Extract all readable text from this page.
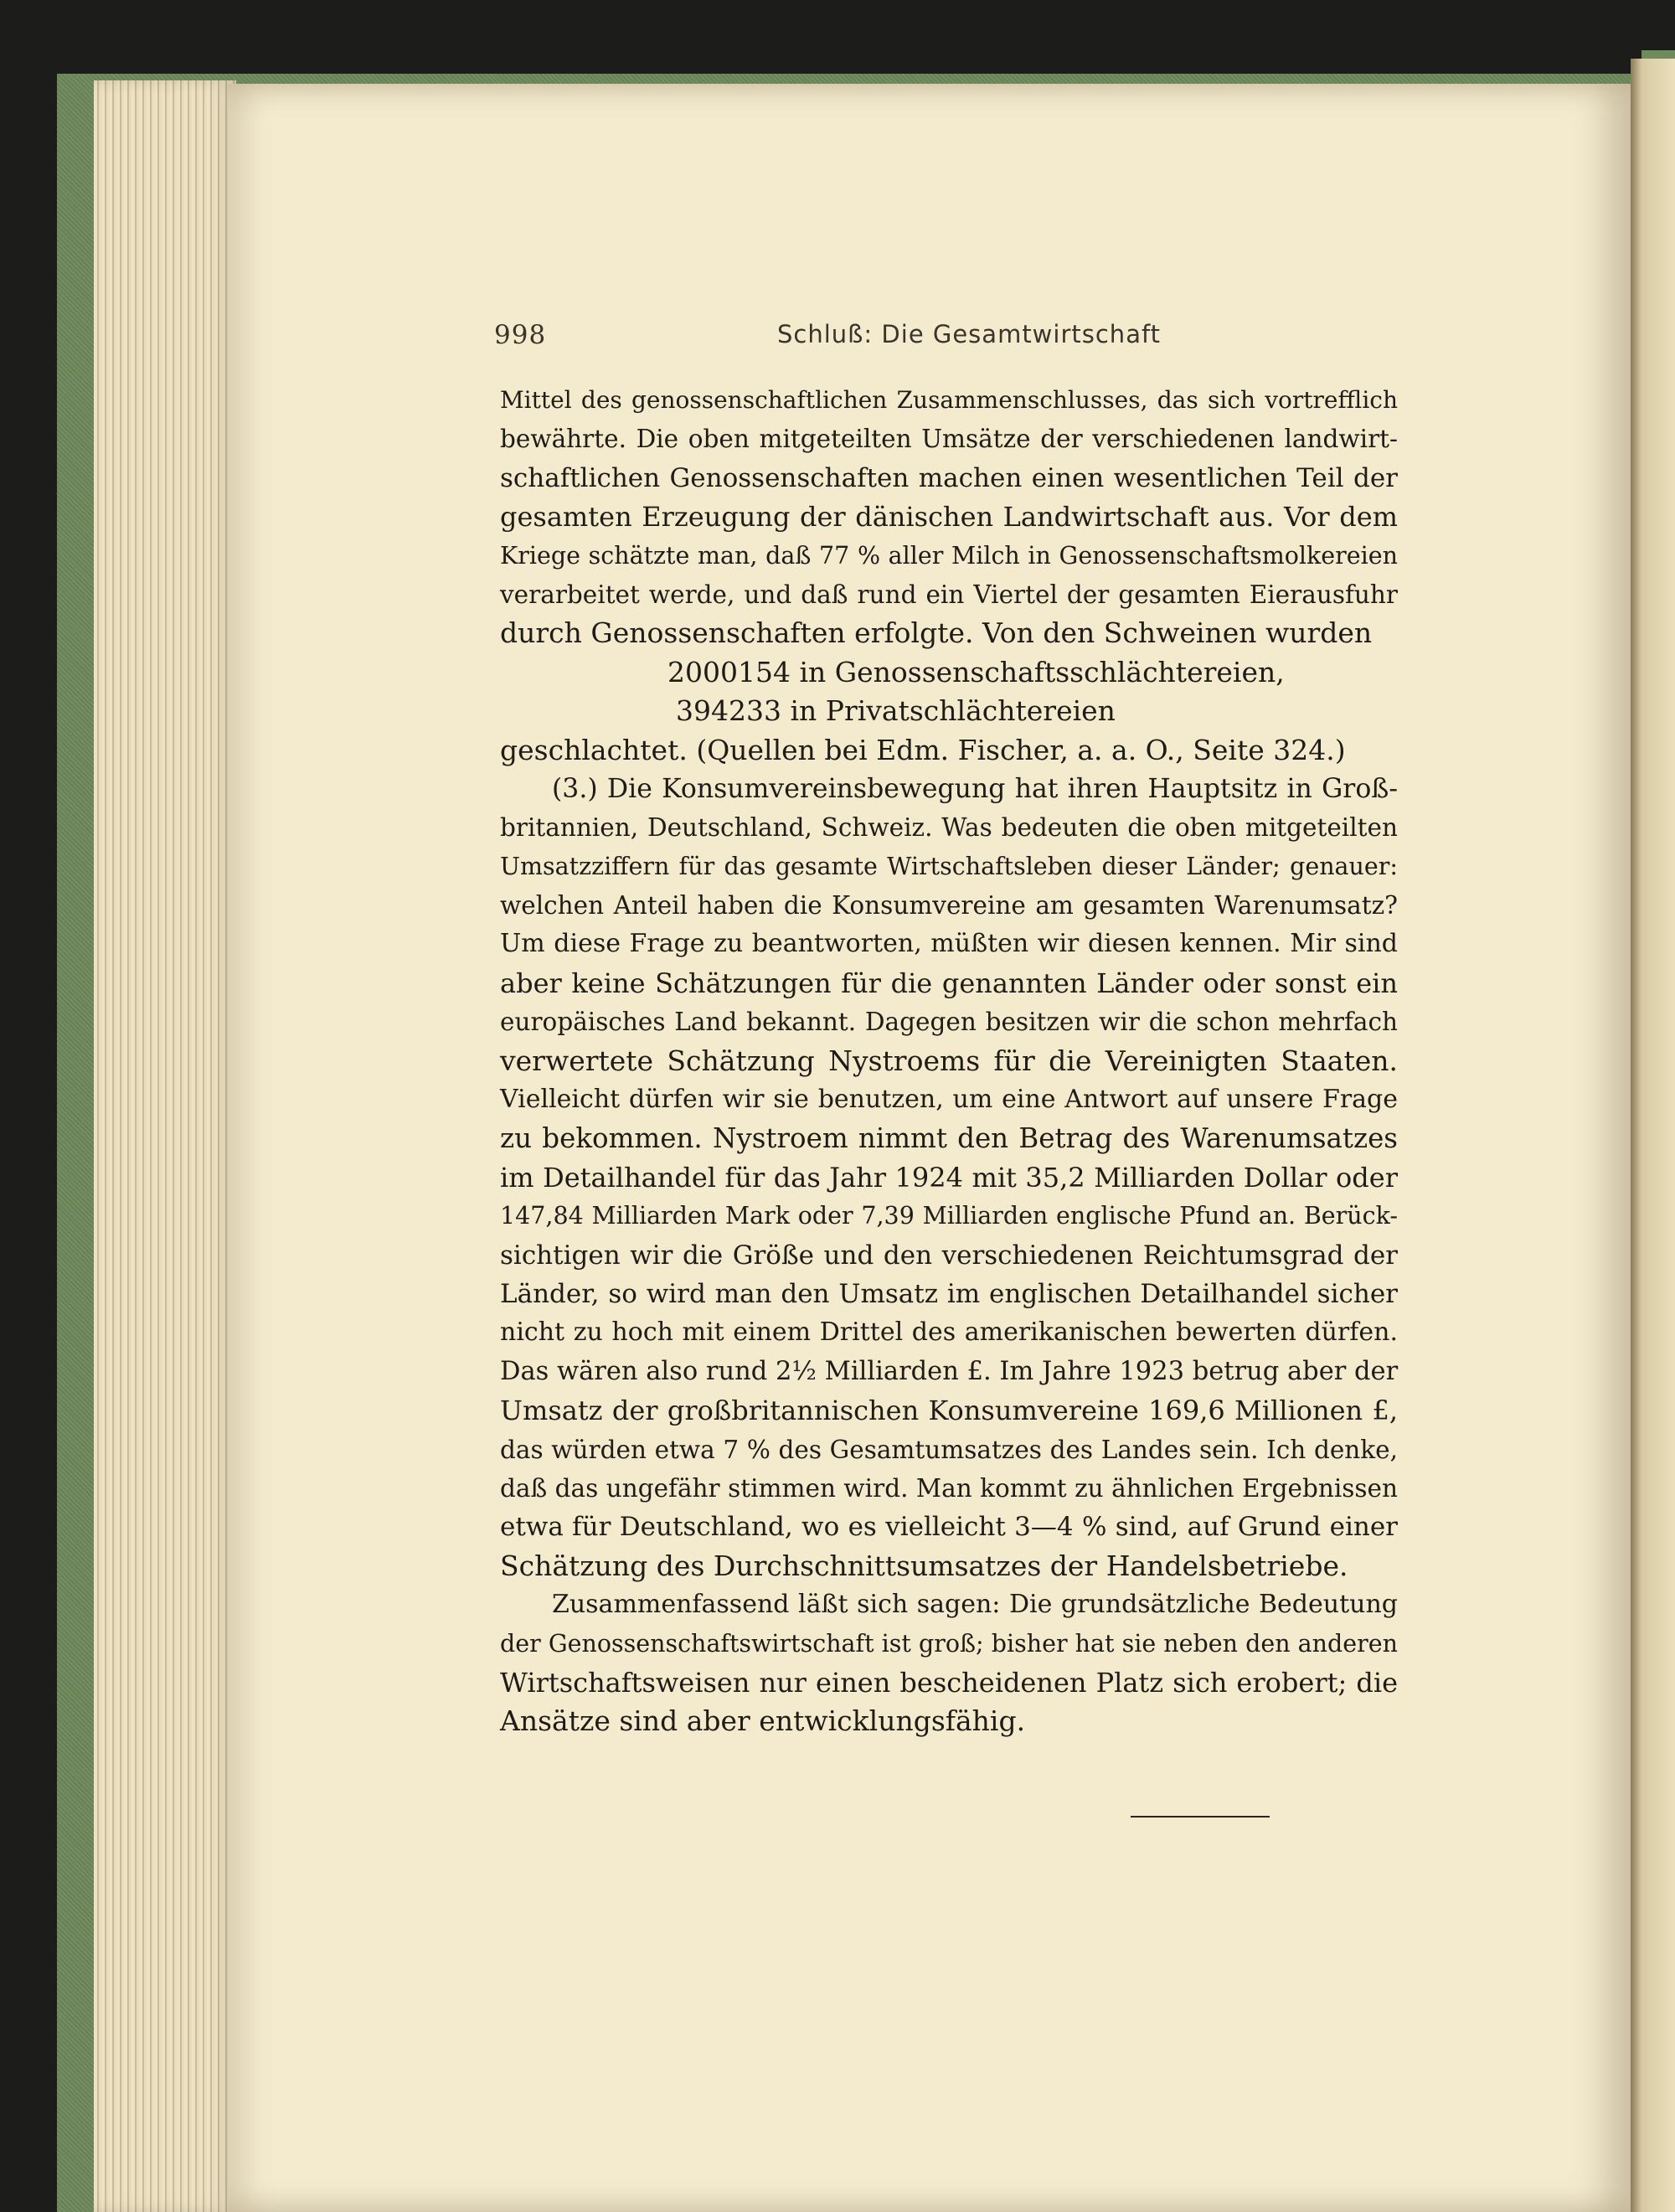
998	Schluß: Die Gesamtwirtschaft
Mittel des genossenschaftlichen Zusammenschlusses, das sich vortrefflich
bewährte. Die oben mitgeteilten Umsätze der verschiedenen landwirt-
schaftlichen Genossenschaften machen einen wesentlichen Teil der
gesamten Erzeugung der dänischen Landwirtschaft aus. Vor dem
Kriege schätzte man, daß 77 % aller Milch in Genossenschaftsmolkereien
verarbeitet werde, und daß rund ein Viertel der gesamten Eierausfuhr
durch Genossenschaften erfolgte. Von den Schweinen wurden
2000154 in Genossenschaftsschlächtereien,
394233 in Privatschlächtereien
geschlachtet. (Quellen bei Edm. Fischer, a. a. O., Seite 324.)
(3.) Die Konsumvereinsbewegung hat ihren Hauptsitz in Groß-
britannien, Deutschland, Schweiz. Was bedeuten die oben mitgeteilten
Umsatzziffern für das gesamte Wirtschaftsleben dieser Länder; genauer:
welchen Anteil haben die Konsumvereine am gesamten Warenumsatz?
Um diese Frage zu beantworten, müßten wir diesen kennen. Mir sind
aber keine Schätzungen für die genannten Länder oder sonst ein
europäisches Land bekannt. Dagegen besitzen wir die schon mehrfach
verwertete Schätzung Nystroems für die Vereinigten Staaten.
Vielleicht dürfen wir sie benutzen, um eine Antwort auf unsere Frage
zu bekommen. Nystroem nimmt den Betrag des Warenumsatzes
im Detailhandel für das Jahr 1924 mit 35,2 Milliarden Dollar oder
147,84 Milliarden Mark oder 7,39 Milliarden englische Pfund an. Berück-
sichtigen wir die Größe und den verschiedenen Reichtumsgrad der
Länder, so wird man den Umsatz im englischen Detailhandel sicher
nicht zu hoch mit einem Drittel des amerikanischen bewerten dürfen.
Das wären also rund 2½ Milliarden £. Im Jahre 1923 betrug aber der
Umsatz der großbritannischen Konsumvereine 169,6 Millionen £,
das würden etwa 7 % des Gesamtumsatzes des Landes sein. Ich denke,
daß das ungefähr stimmen wird. Man kommt zu ähnlichen Ergebnissen
etwa für Deutschland, wo es vielleicht 3—4 % sind, auf Grund einer
Schätzung des Durchschnittsumsatzes der Handelsbetriebe.
Zusammenfassend läßt sich sagen: Die grundsätzliche Bedeutung
der Genossenschaftswirtschaft ist groß; bisher hat sie neben den anderen
Wirtschaftsweisen nur einen bescheidenen Platz sich erobert; die
Ansätze sind aber entwicklungsfähig.
